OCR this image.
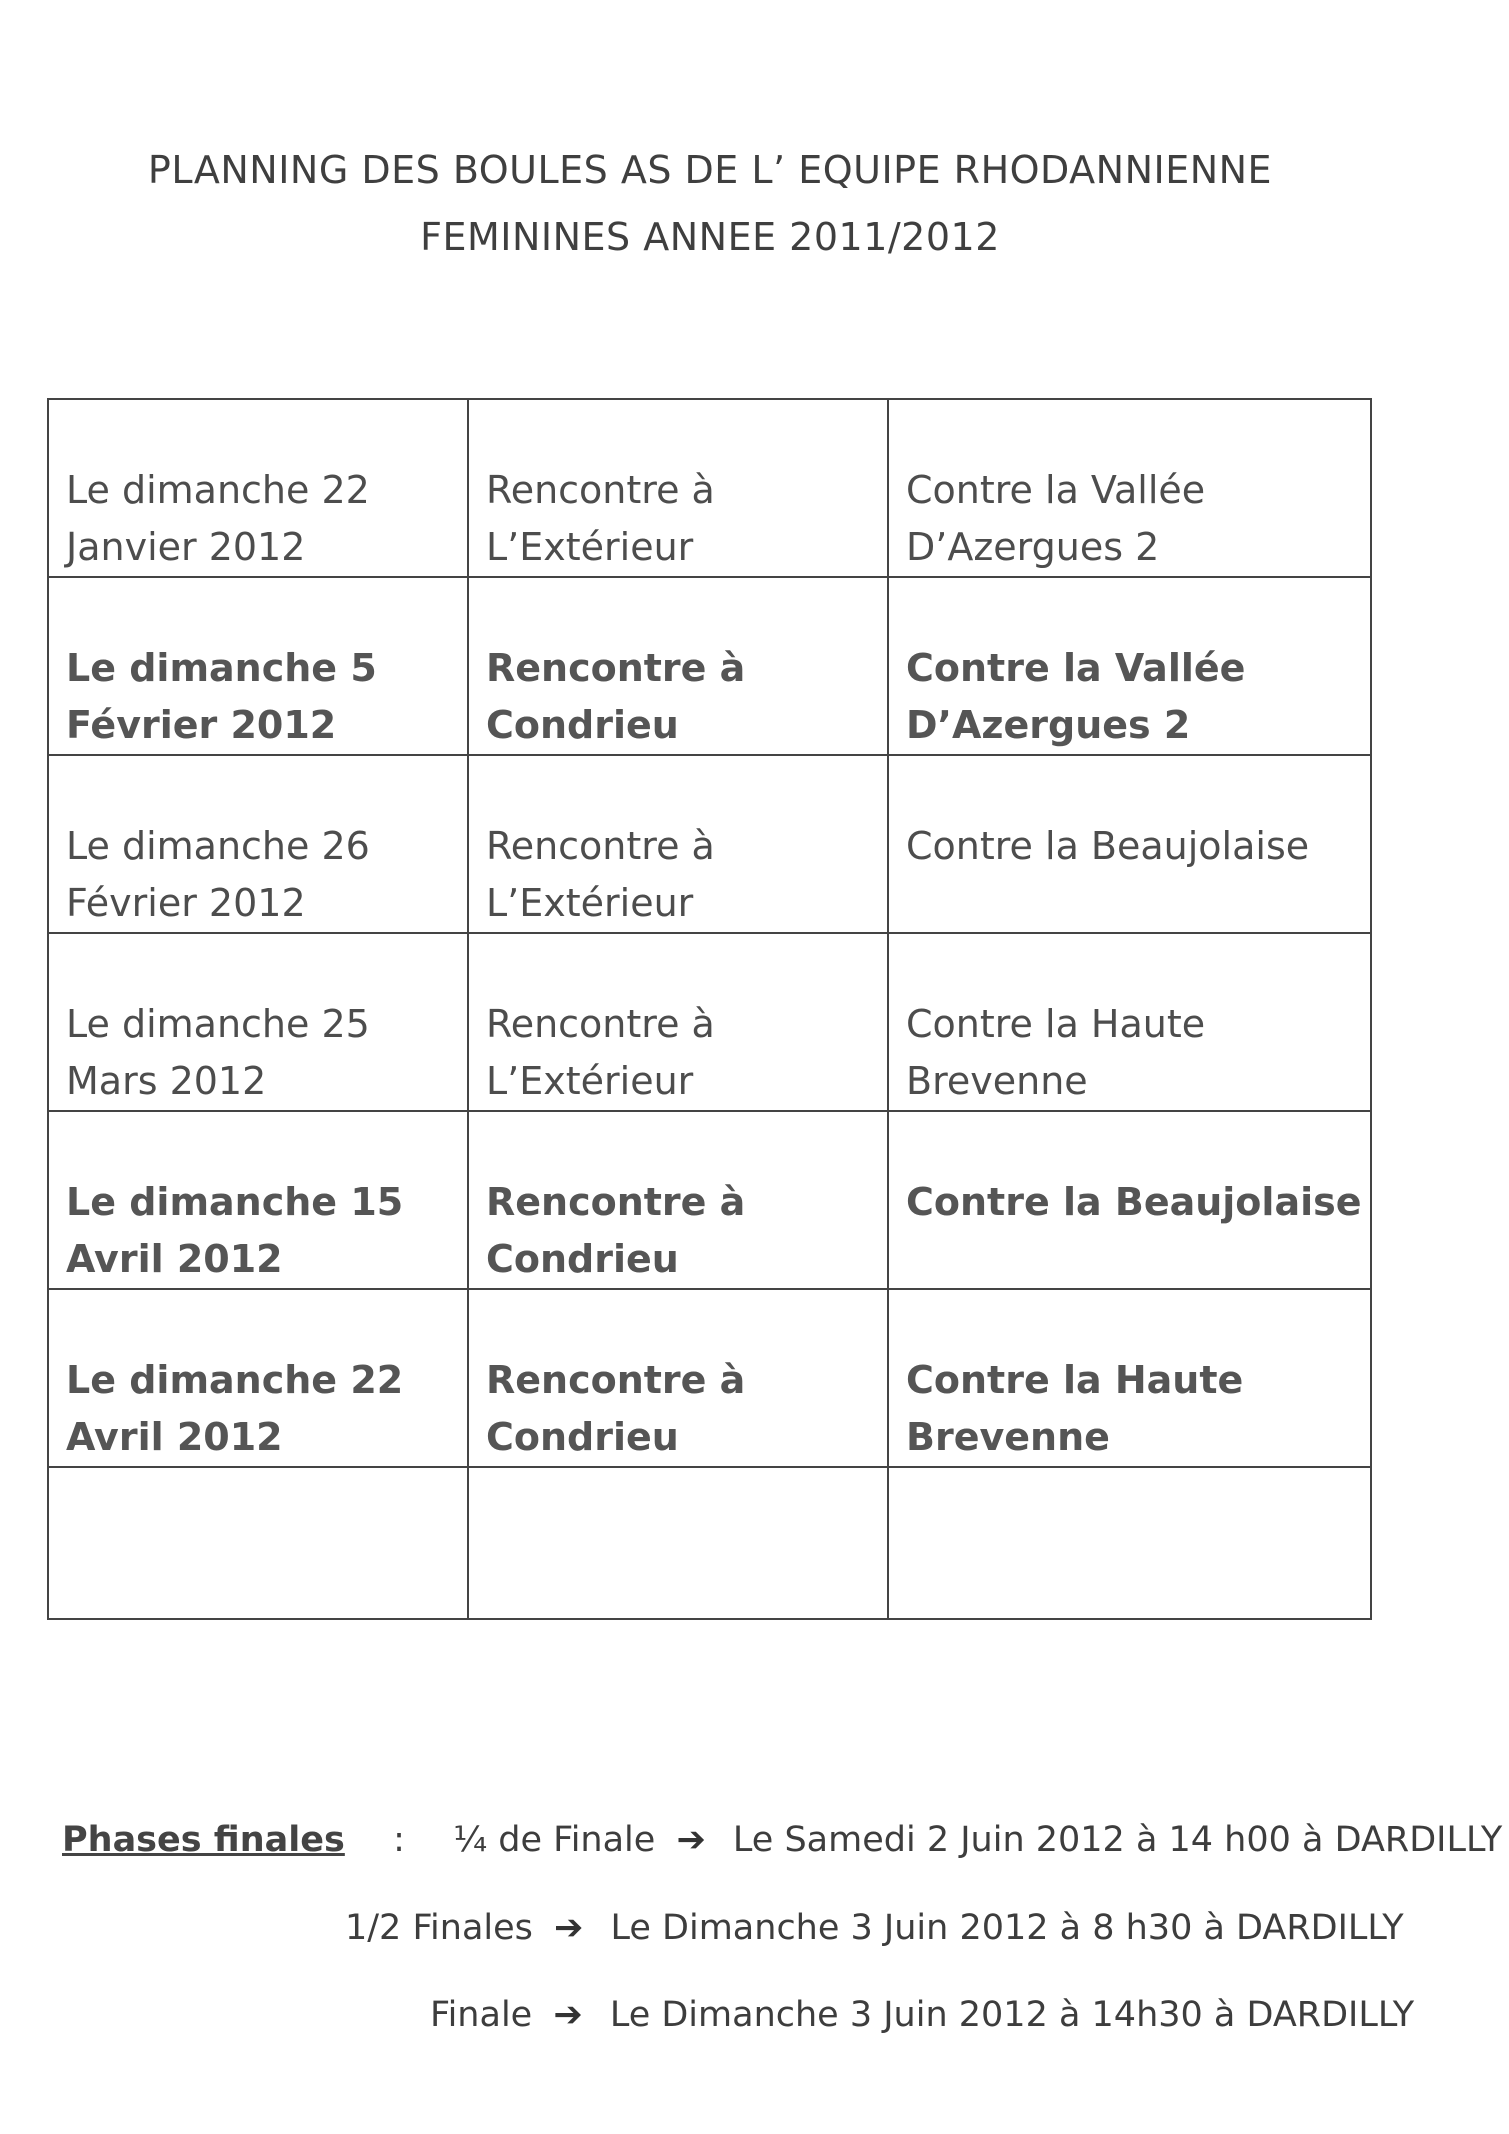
PLANNING DES BOULES AS DE L’ EQUIPE RHODANNIENNE
FEMININES ANNEE 2011/2012
Le dimanche 22
Janvier 2012
Rencontre à
L’Extérieur
Contre la Vallée
D’Azergues 2
Le dimanche 5
Février 2012
Rencontre à
Condrieu
Contre la Vallée
D’Azergues 2
Le dimanche 26
Février 2012
Rencontre à
L’Extérieur
Contre la Beaujolaise
Le dimanche 25
Mars 2012
Rencontre à
L’Extérieur
Contre la Haute
Brevenne
Le dimanche 15
Avril 2012
Rencontre à
Condrieu
Contre la Beaujolaise
Le dimanche 22
Avril 2012
Rencontre à
Condrieu
Contre la Haute
Brevenne
Phases finales : ¼ de Finale ➔ Le Samedi 2 Juin 2012 à 14 h00 à DARDILLY
1/2 Finales ➔ Le Dimanche 3 Juin 2012 à 8 h30 à DARDILLY
Finale ➔ Le Dimanche 3 Juin 2012 à 14h30 à DARDILLY
